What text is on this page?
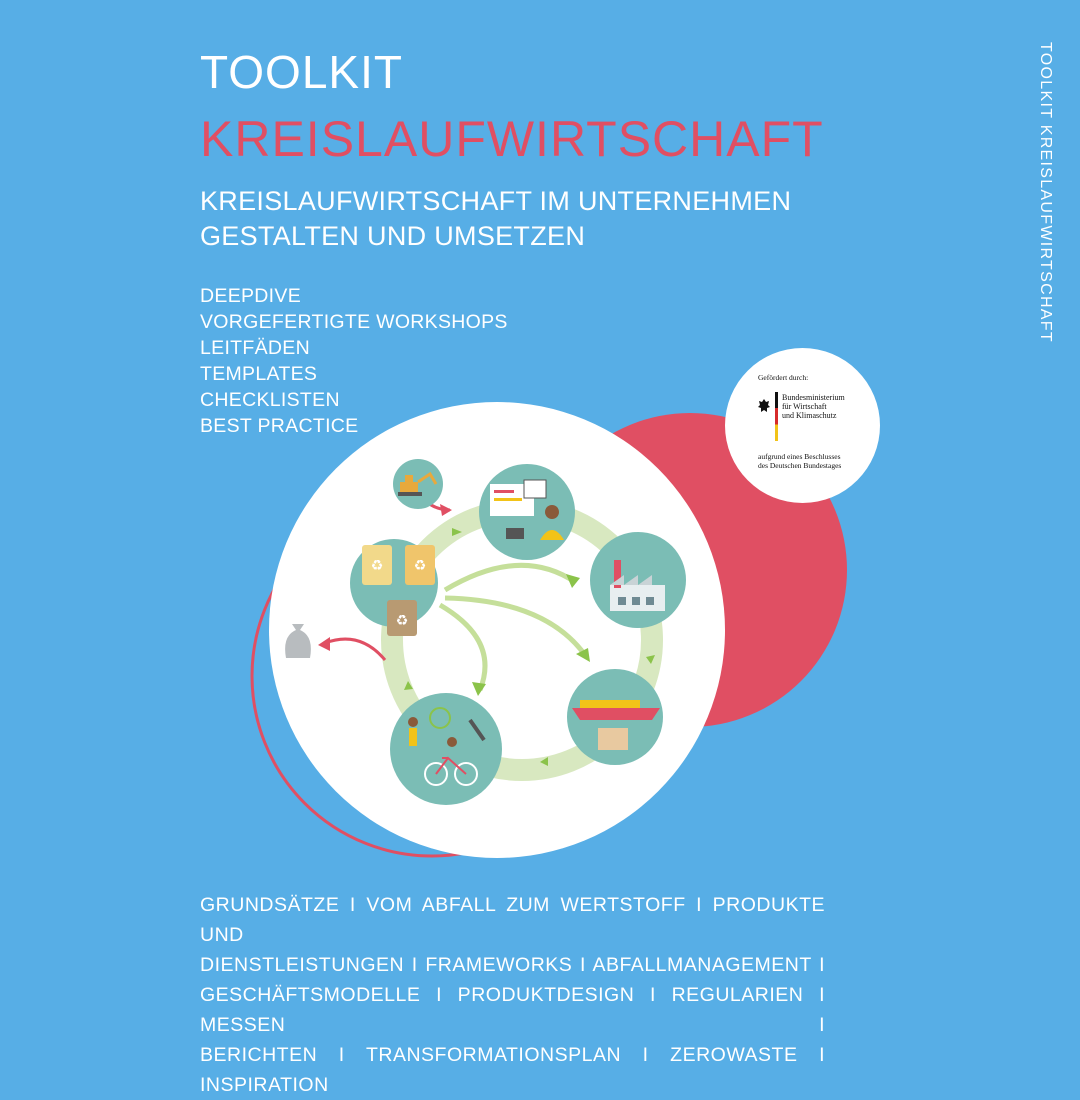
TOOLKIT
KREISLAUFWIRTSCHAFT
KREISLAUFWIRTSCHAFT IM UNTERNEHMEN
GESTALTEN UND UMSETZEN
DEEPDIVE
VORGEFERTIGTE WORKSHOPS
LEITFÄDEN
TEMPLATES
CHECKLISTEN
BEST PRACTICE
TOOLKIT KREISLAUFWIRTSCHAFT
♻ ♻
♻
Gefördert durch:
Bundesministerium
für Wirtschaft
und Klimaschutz
aufgrund eines Beschlusses
des Deutschen Bundestages
GRUNDSÄTZE I VOM ABFALL ZUM WERTSTOFF I PRODUKTE UND
DIENSTLEISTUNGEN I FRAMEWORKS I ABFALLMANAGEMENT I
GESCHÄFTSMODELLE I PRODUKTDESIGN I REGULARIEN I MESSEN I
BERICHTEN I TRANSFORMATIONSPLAN I ZEROWASTE I INSPIRATION
